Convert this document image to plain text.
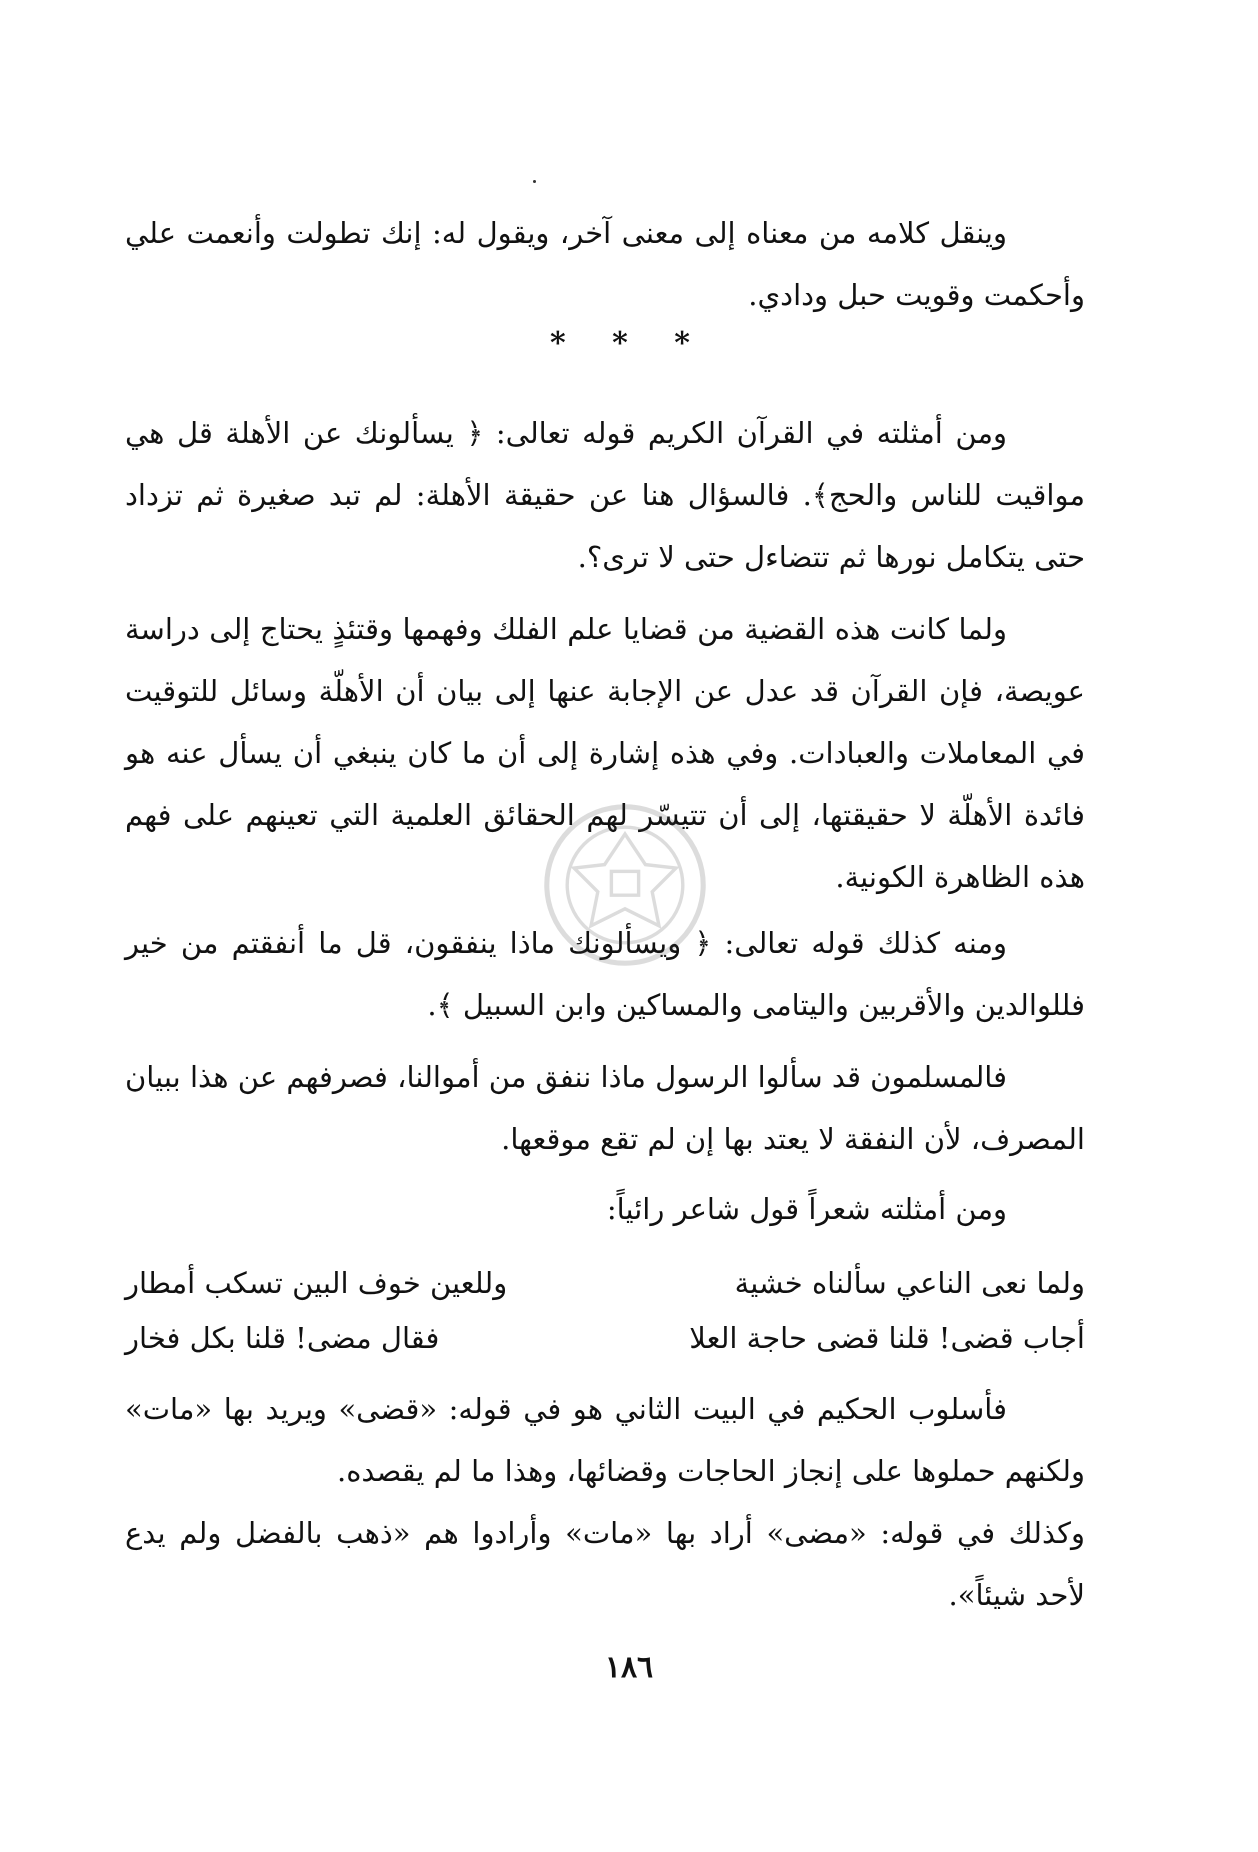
وينقل كلامه من معناه إلى معنى آخر، ويقول له: إنك تطولت وأنعمت علي وأحكمت وقويت حبل ودادي.
* * *
ومن أمثلته في القرآن الكريم قوله تعالى: ﴿ يسألونك عن الأهلة قل هي مواقيت للناس والحج﴾. فالسؤال هنا عن حقيقة الأهلة: لم تبد صغيرة ثم تزداد حتى يتكامل نورها ثم تتضاءل حتى لا ترى؟.
ولما كانت هذه القضية من قضايا علم الفلك وفهمها وقتئذٍ يحتاج إلى دراسة عويصة، فإن القرآن قد عدل عن الإجابة عنها إلى بيان أن الأهلّة وسائل للتوقيت في المعاملات والعبادات. وفي هذه إشارة إلى أن ما كان ينبغي أن يسأل عنه هو فائدة الأهلّة لا حقيقتها، إلى أن تتيسّر لهم الحقائق العلمية التي تعينهم على فهم هذه الظاهرة الكونية.
ومنه كذلك قوله تعالى: ﴿ ويسألونك ماذا ينفقون، قل ما أنفقتم من خير فللوالدين والأقربين واليتامى والمساكين وابن السبيل ﴾.
فالمسلمون قد سألوا الرسول ماذا ننفق من أموالنا، فصرفهم عن هذا ببيان المصرف، لأن النفقة لا يعتد بها إن لم تقع موقعها.
ومن أمثلته شعراً قول شاعر رائياً:
ولما نعى الناعي سألناه خشية
وللعين خوف البين تسكب أمطار
أجاب قضى! قلنا قضى حاجة العلا
فقال مضى! قلنا بكل فخار
فأسلوب الحكيم في البيت الثاني هو في قوله: «قضى» ويريد بها «مات» ولكنهم حملوها على إنجاز الحاجات وقضائها، وهذا ما لم يقصده.
وكذلك في قوله: «مضى» أراد بها «مات» وأرادوا هم «ذهب بالفضل ولم يدع لأحد شيئاً».
١٨٦
